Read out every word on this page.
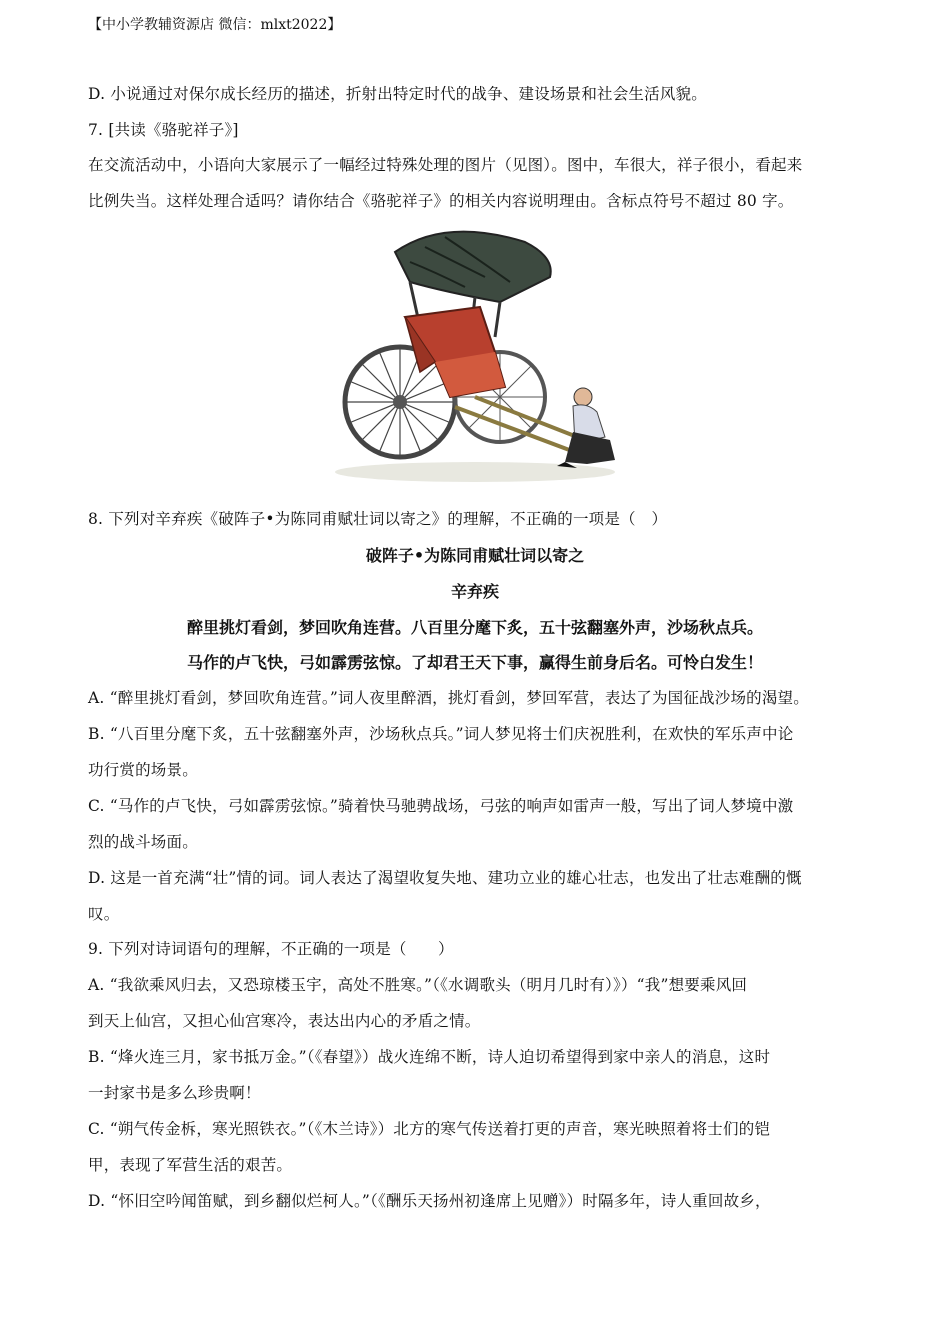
【中小学教辅资源店 微信：mlxt2022】
D. 小说通过对保尔成长经历的描述，折射出特定时代的战争、建设场景和社会生活风貌。
7. [共读《骆驼祥子》]
在交流活动中，小语向大家展示了一幅经过特殊处理的图片（见图）。图中，车很大，祥子很小，看起来
比例失当。这样处理合适吗？请你结合《骆驼祥子》的相关内容说明理由。含标点符号不超过 80 字。
8. 下列对辛弃疾《破阵子•为陈同甫赋壮词以寄之》的理解，不正确的一项是（　）
破阵子•为陈同甫赋壮词以寄之
辛弃疾
醉里挑灯看剑，梦回吹角连营。八百里分麾下炙，五十弦翻塞外声，沙场秋点兵。
马作的卢飞快，弓如霹雳弦惊。了却君王天下事，赢得生前身后名。可怜白发生！
A. “醉里挑灯看剑，梦回吹角连营。”词人夜里醉酒，挑灯看剑，梦回军营，表达了为国征战沙场的渴望。
B. “八百里分麾下炙，五十弦翻塞外声，沙场秋点兵。”词人梦见将士们庆祝胜利，在欢快的军乐声中论
功行赏的场景。
C. “马作的卢飞快，弓如霹雳弦惊。”骑着快马驰骋战场，弓弦的响声如雷声一般，写出了词人梦境中激
烈的战斗场面。
D. 这是一首充满“壮”情的词。词人表达了渴望收复失地、建功立业的雄心壮志，也发出了壮志难酬的慨
叹。
9. 下列对诗词语句的理解，不正确的一项是（　　）
A. “我欲乘风归去，又恐琼楼玉宇，高处不胜寒。”（《水调歌头（明月几时有）》）“我”想要乘风回
到天上仙宫，又担心仙宫寒冷，表达出内心的矛盾之情。
B. “烽火连三月，家书抵万金。”（《春望》）战火连绵不断，诗人迫切希望得到家中亲人的消息，这时
一封家书是多么珍贵啊！
C. “朔气传金柝，寒光照铁衣。”（《木兰诗》）北方的寒气传送着打更的声音，寒光映照着将士们的铠
甲，表现了军营生活的艰苦。
D. “怀旧空吟闻笛赋，到乡翻似烂柯人。”（《酬乐天扬州初逢席上见赠》）时隔多年，诗人重回故乡，
